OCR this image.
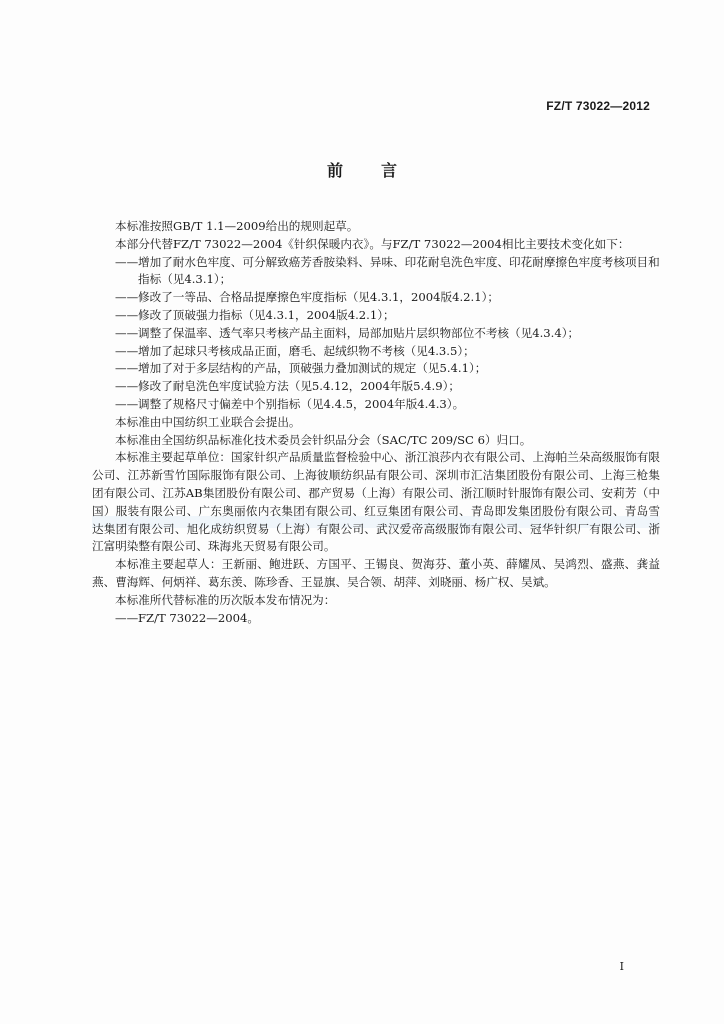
FZ/T 73022—2012
前言

本标准按照GB/T 1.1—2009给出的规则起草。

本部分代替FZ/T 73022—2004《针织保暖内衣》。与FZ/T 73022—2004相比主要技术变化如下：

——增加了耐水色牢度、可分解致癌芳香胺染料、异味、印花耐皂洗色牢度、印花耐摩擦色牢度考核项目和指标（见4.3.1）；

——修改了一等品、合格品提摩擦色牢度指标（见4.3.1，2004版4.2.1）；

——修改了顶破强力指标（见4.3.1，2004版4.2.1）；

——调整了保温率、透气率只考核产品主面料，局部加贴片层织物部位不考核（见4.3.4）；

——增加了起球只考核成品正面，磨毛、起绒织物不考核（见4.3.5）；

——增加了对于多层结构的产品，顶破强力叠加测试的规定（见5.4.1）；

——修改了耐皂洗色牢度试验方法（见5.4.12，2004年版5.4.9）；

——调整了规格尺寸偏差中个别指标（见4.4.5，2004年版4.4.3）。

本标准由中国纺织工业联合会提出。

本标准由全国纺织品标准化技术委员会针织品分会（SAC/TC 209/SC 6）归口。

本标准主要起草单位：国家针织产品质量监督检验中心、浙江浪莎内衣有限公司、上海帕兰朵高级服饰有限公司、江苏新雪竹国际服饰有限公司、上海彼顺纺织品有限公司、深圳市汇洁集团股份有限公司、上海三枪集团有限公司、江苏AB集团股份有限公司、郡产贸易（上海）有限公司、浙江顺时针服饰有限公司、安莉芳（中国）服装有限公司、广东奥丽侬内衣集团有限公司、红豆集团有限公司、青岛即发集团股份有限公司、青岛雪达集团有限公司、旭化成纺织贸易（上海）有限公司、武汉爱帝高级服饰有限公司、冠华针织厂有限公司、浙江富明染整有限公司、珠海兆天贸易有限公司。

本标准主要起草人：王新丽、鲍进跃、方国平、王锡良、贺海芬、董小英、薛耀凤、吴鸿烈、盛燕、龚益燕、曹海辉、何炳祥、葛东羡、陈珍香、王显旗、吴合领、胡萍、刘晓丽、杨广权、吴斌。

本标准所代替标准的历次版本发布情况为：

——FZ/T 73022—2004。

I
